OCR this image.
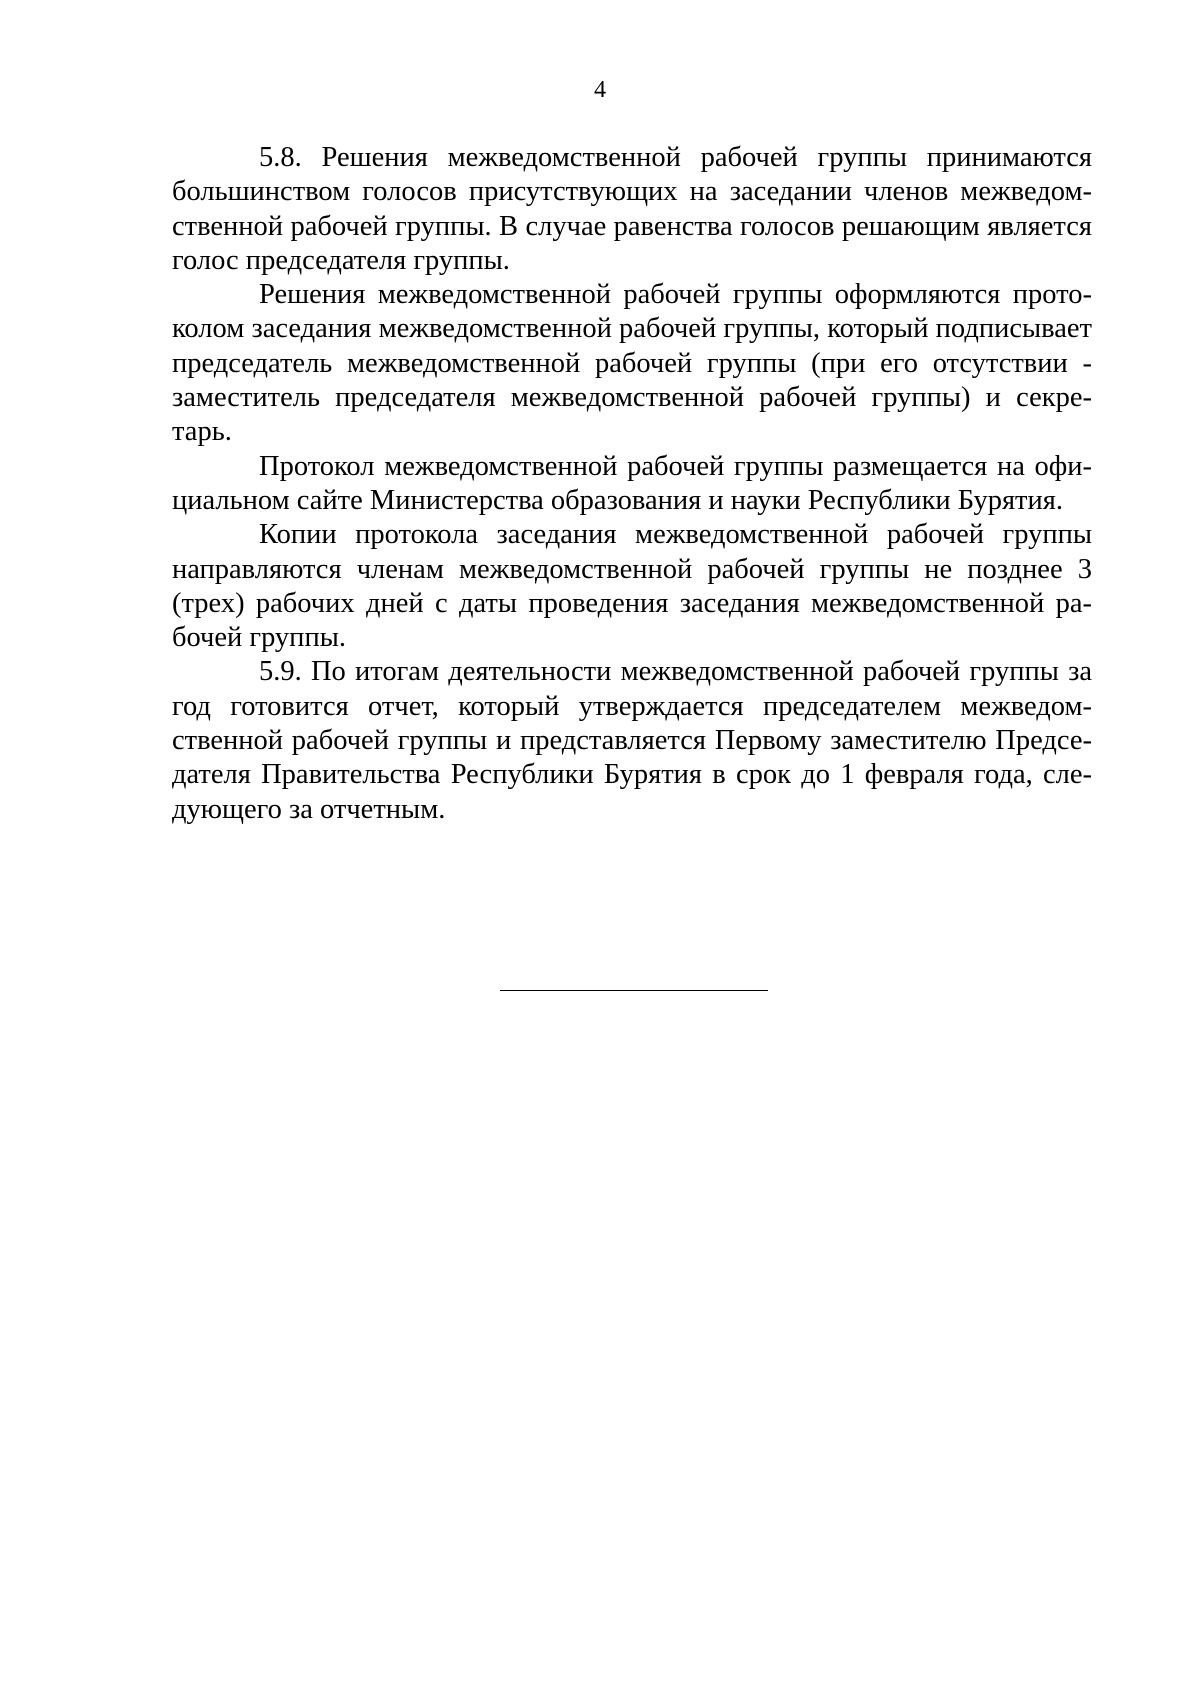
4

5.8. Решения межведомственной рабочей группы принимаются большинством голосов присутствующих на заседании членов межведомственной рабочей группы. В случае равенства голосов решающим является голос председателя группы.

Решения межведомственной рабочей группы оформляются протоколом заседания межведомственной рабочей группы, который подписывает председатель межведомственной рабочей группы (при его отсутствии - заместитель председателя межведомственной рабочей группы) и секретарь.

Протокол межведомственной рабочей группы размещается на официальном сайте Министерства образования и науки Республики Бурятия.

Копии протокола заседания межведомственной рабочей группы направляются членам межведомственной рабочей группы не позднее 3 (трех) рабочих дней с даты проведения заседания межведомственной рабочей группы.

5.9. По итогам деятельности межведомственной рабочей группы за год готовится отчет, который утверждается председателем межведомственной рабочей группы и представляется Первому заместителю Председателя Правительства Республики Бурятия в срок до 1 февраля года, следующего за отчетным.
